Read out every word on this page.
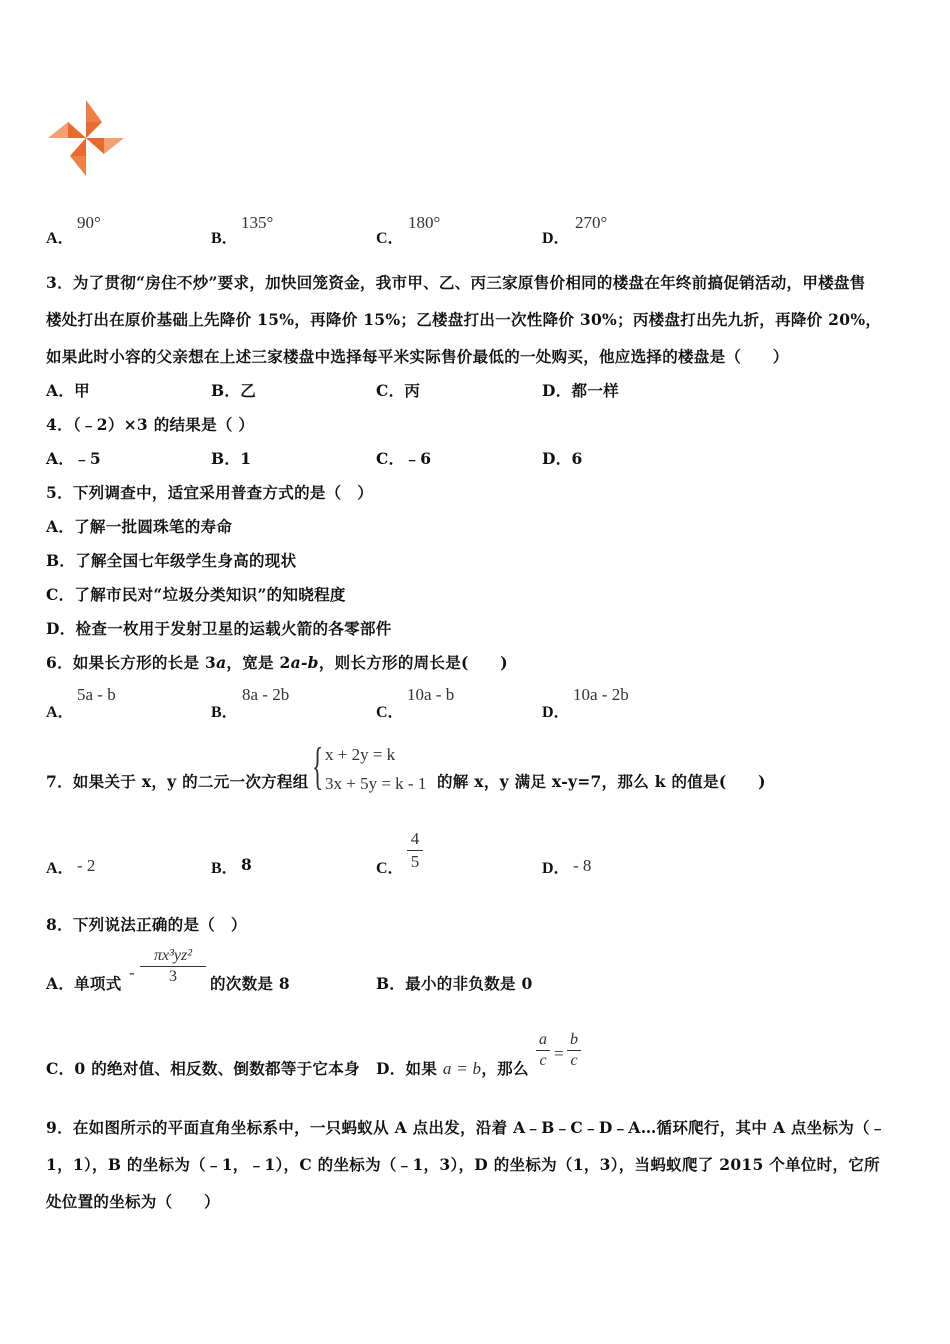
A．
90°
B．
135°
C．
180°
D．
270°
3．为了贯彻“房住不炒”要求，加快回笼资金，我市甲、乙、丙三家原售价相同的楼盘在年终前搞促销活动，甲楼盘售
楼处打出在原价基础上先降价 15%，再降价 15%；乙楼盘打出一次性降价 30%；丙楼盘打出先九折，再降价 20%，
如果此时小容的父亲想在上述三家楼盘中选择每平米实际售价最低的一处购买，他应选择的楼盘是（　　）
A．甲	B．乙	C．丙	D．都一样
4．（﹣2）×3 的结果是（ ）
A．﹣5	B．1	C．﹣6	D．6
5．下列调查中，适宜采用普查方式的是（　）
A．了解一批圆珠笔的寿命
B．了解全国七年级学生身高的现状
C．了解市民对“垃圾分类知识”的知晓程度
D．检查一枚用于发射卫星的运载火箭的各零部件
6．如果长方形的长是 3a，宽是 2a-b，则长方形的周长是(　　)
A．
5a - b
B．
8a - 2b
C．
10a - b
D．
10a - 2b
7．如果关于 x，y 的二元一次方程组 { x + 2y = k
3x + 5y = k - 1 的解 x，y 满足 x-y=7，那么 k 的值是(　　)
A． - 2	B． 8	C．
4
5	D． - 8
8．下列说法正确的是（　）
A．单项式
-
πx³yz²
3	的次数是 8	B．最小的非负数是 0
C．0 的绝对值、相反数、倒数都等于它本身 D．如果 a = b，那么
a
c =
b
c
9．在如图所示的平面直角坐标系中，一只蚂蚁从 A 点出发，沿着 A﹣B﹣C﹣D﹣A…循环爬行，其中 A 点坐标为（﹣
1，1），B 的坐标为（﹣1，﹣1），C 的坐标为（﹣1，3），D 的坐标为（1，3），当蚂蚁爬了 2015 个单位时，它所
处位置的坐标为（　　）
